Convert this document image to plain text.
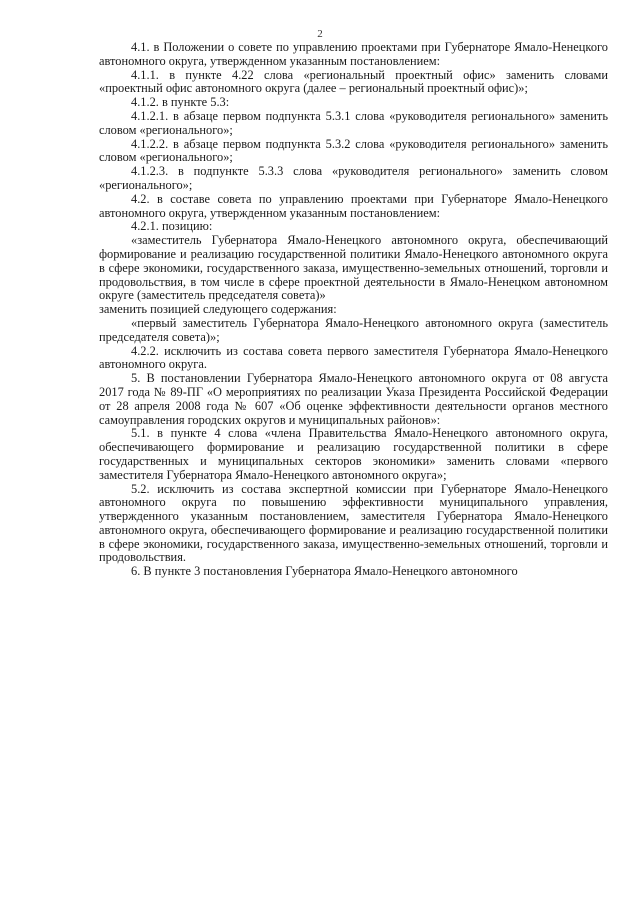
2

4.1. в Положении о совете по управлению проектами при Губернаторе Ямало-Ненецкого автономного округа, утвержденном указанным постановлением:

4.1.1. в пункте 4.22 слова «региональный проектный офис» заменить словами «проектный офис автономного округа (далее – региональный проектный офис)»;

4.1.2. в пункте 5.3:

4.1.2.1. в абзаце первом подпункта 5.3.1 слова «руководителя регионального» заменить словом «регионального»;

4.1.2.2. в абзаце первом подпункта 5.3.2 слова «руководителя регионального» заменить словом «регионального»;

4.1.2.3. в подпункте 5.3.3 слова «руководителя регионального» заменить словом «регионального»;

4.2. в составе совета по управлению проектами при Губернаторе Ямало-Ненецкого автономного округа, утвержденном указанным постановлением:

4.2.1. позицию:

«заместитель Губернатора Ямало-Ненецкого автономного округа, обеспечивающий формирование и реализацию государственной политики Ямало-Ненецкого автономного округа в сфере экономики, государственного заказа, имущественно-земельных отношений, торговли и продовольствия, в том числе в сфере проектной деятельности в Ямало-Ненецком автономном округе (заместитель председателя совета)»

заменить позицией следующего содержания:

«первый заместитель Губернатора Ямало-Ненецкого автономного округа (заместитель председателя совета)»;

4.2.2. исключить из состава совета первого заместителя Губернатора Ямало-Ненецкого автономного округа.

5. В постановлении Губернатора Ямало-Ненецкого автономного округа от 08 августа 2017 года № 89-ПГ «О мероприятиях по реализации Указа Президента Российской Федерации от 28 апреля 2008 года № 607 «Об оценке эффективности деятельности органов местного самоуправления городских округов и муниципальных районов»:

5.1. в пункте 4 слова «члена Правительства Ямало-Ненецкого автономного округа, обеспечивающего формирование и реализацию государственной политики в сфере государственных и муниципальных секторов экономики» заменить словами «первого заместителя Губернатора Ямало-Ненецкого автономного округа»;

5.2. исключить из состава экспертной комиссии при Губернаторе Ямало-Ненецкого автономного округа по повышению эффективности муниципального управления, утвержденного указанным постановлением, заместителя Губернатора Ямало-Ненецкого автономного округа, обеспечивающего формирование и реализацию государственной политики в сфере экономики, государственного заказа, имущественно-земельных отношений, торговли и продовольствия.

6. В пункте 3 постановления Губернатора Ямало-Ненецкого автономного
